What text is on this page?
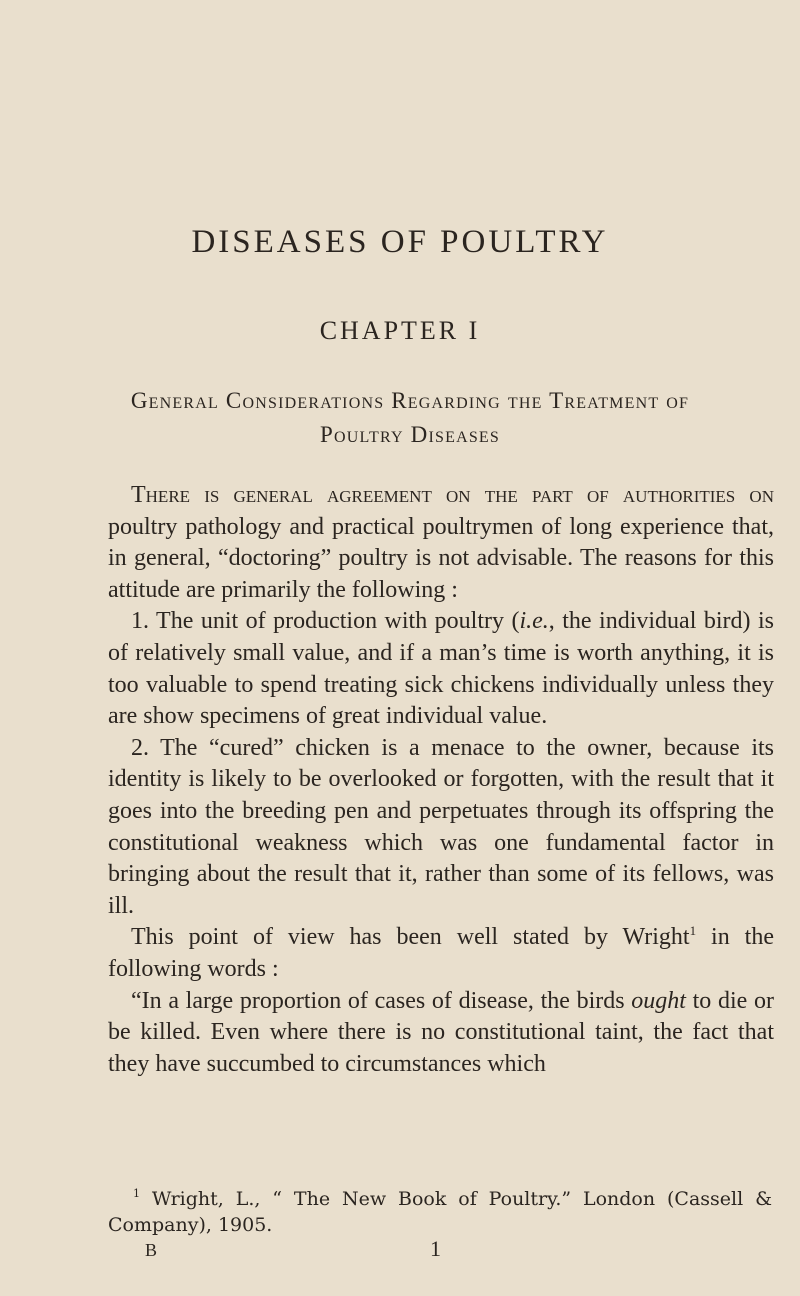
DISEASES OF POULTRY
CHAPTER I
General Considerations Regarding the Treatment of Poultry Diseases

There is general agreement on the part of authorities on poultry pathology and practical poultrymen of long experience that, in general, “doctoring” poultry is not advisable. The reasons for this attitude are primarily the following :

1. The unit of production with poultry (i.e., the individual bird) is of relatively small value, and if a man’s time is worth anything, it is too valuable to spend treating sick chickens individually unless they are show specimens of great individual value.

2. The “cured” chicken is a menace to the owner, because its identity is likely to be overlooked or forgotten, with the result that it goes into the breeding pen and perpetuates through its offspring the constitutional weakness which was one fundamental factor in bringing about the result that it, rather than some of its fellows, was ill.

This point of view has been well stated by Wright$^1$ in the following words :

“In a large proportion of cases of disease, the birds ought to die or be killed. Even where there is no constitutional taint, the fact that they have succumbed to circumstances which

$^1$ Wright, L., “ The New Book of Poultry.” London (Cassell & Company), 1905.

B	1
